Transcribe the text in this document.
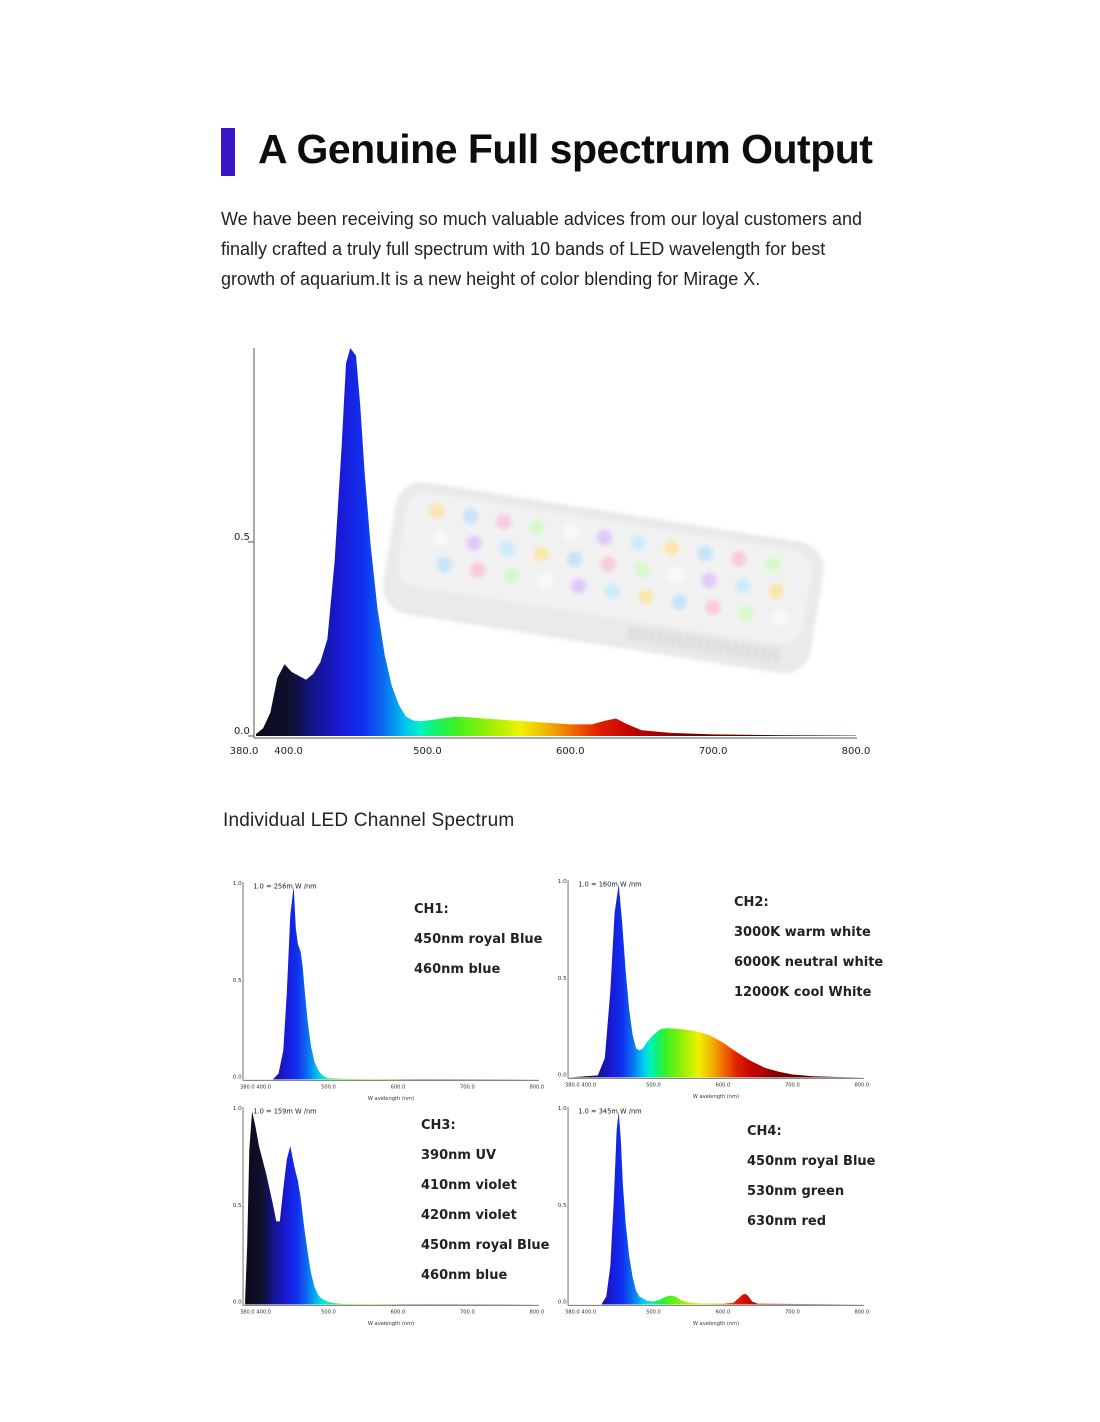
A Genuine Full spectrum Output

We have been receiving so much valuable advices from our loyal customers and finally crafted a truly full spectrum with 10 bands of LED wavelength for best growth of aquarium.It is a new height of color blending for Mirage X.

0.0
0.5
380.0 400.0	500.0	600.0	700.0	800.0

Individual LED Channel Spectrum

1.0
0.5
0.0
380.0 400.0	500.0	600.0	700.0	800.0
W avelength (nm)
1.0 = 256m W /nm
CH1:
450nm royal Blue
460nm blue
1.0
0.5
0.0
380.0 400.0	500.0	600.0	700.0	800.0
W avelength (nm)
1.0 = 160m W /nm
CH2:
3000K warm white
6000K neutral white
12000K cool White
1.0
0.5
0.0
380.0 400.0	500.0	600.0	700.0	800.0
W avelength (nm)
1.0 = 159m W /nm
CH3:
390nm UV
410nm violet
420nm violet
450nm royal Blue
460nm blue
1.0
0.5
0.0
380.0 400.0	500.0	600.0	700.0	800.0
W avelength (nm)
1.0 = 345m W /nm
CH4:
450nm royal Blue
530nm green
630nm red
